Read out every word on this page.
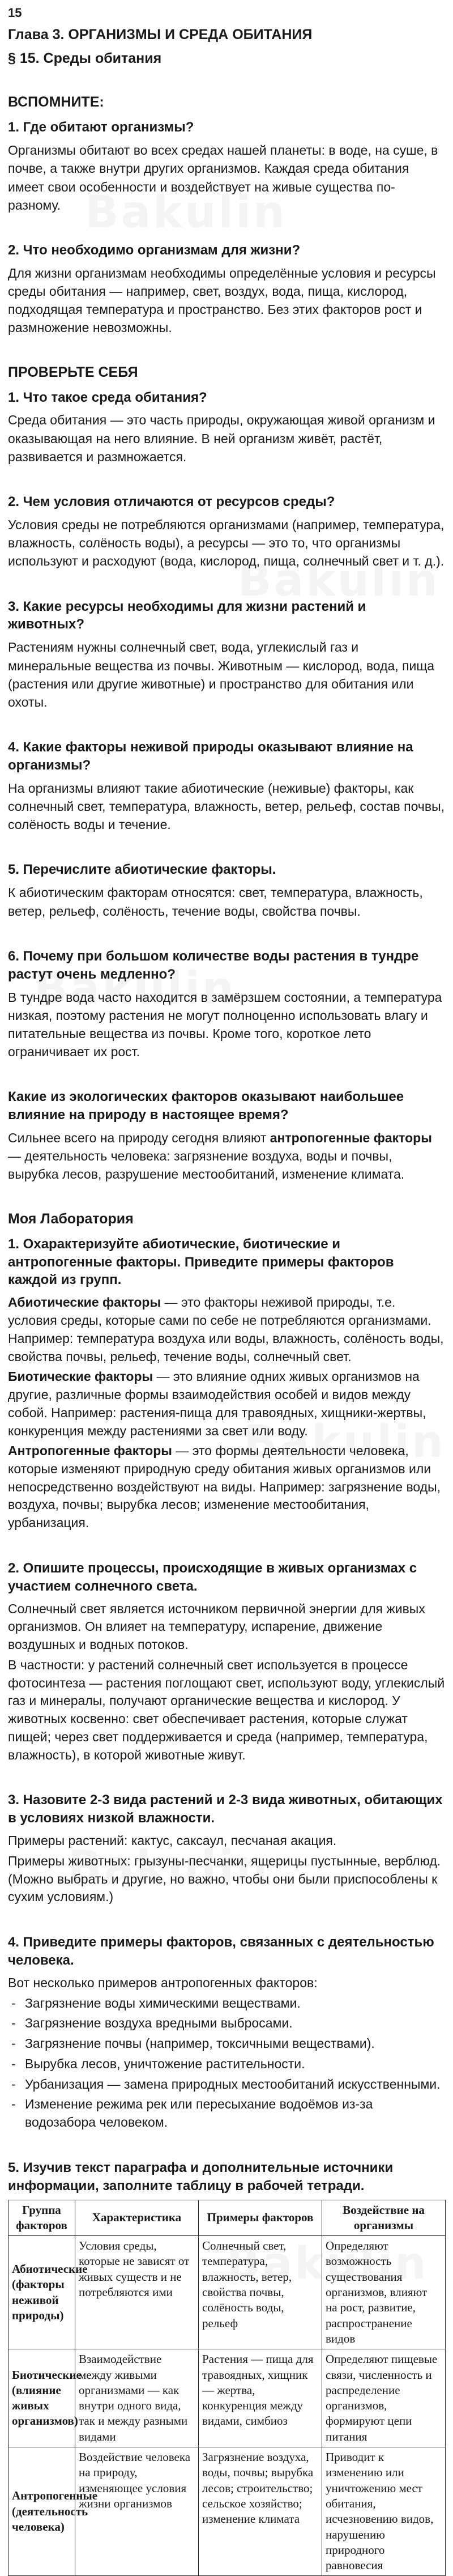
15
Глава 3. ОРГАНИЗМЫ И СРЕДА ОБИТАНИЯ
§ 15. Среды обитания
ВСПОМНИТЕ:
1. Где обитают организмы?
Организмы обитают во всех средах нашей планеты: в воде, на суше, в почве, а также внутри других организмов. Каждая среда обитания имеет свои особенности и воздействует на живые существа по-разному.
2. Что необходимо организмам для жизни?
Для жизни организмам необходимы определённые условия и ресурсы среды обитания — например, свет, воздух, вода, пища, кислород, подходящая температура и пространство. Без этих факторов рост и размножение невозможны.
ПРОВЕРЬТЕ СЕБЯ
1. Что такое среда обитания?
Среда обитания — это часть природы, окружающая живой организм и оказывающая на него влияние. В ней организм живёт, растёт, развивается и размножается.
2. Чем условия отличаются от ресурсов среды?
Условия среды не потребляются организмами (например, температура, влажность, солёность воды), а ресурсы — это то, что организмы используют и расходуют (вода, кислород, пища, солнечный свет и т. д.).
3. Какие ресурсы необходимы для жизни растений и животных?
Растениям нужны солнечный свет, вода, углекислый газ и минеральные вещества из почвы. Животным — кислород, вода, пища (растения или другие животные) и пространство для обитания или охоты.
4. Какие факторы неживой природы оказывают влияние на организмы?
На организмы влияют такие абиотические (неживые) факторы, как солнечный свет, температура, влажность, ветер, рельеф, состав почвы, солёность воды и течение.
5. Перечислите абиотические факторы.
К абиотическим факторам относятся: свет, температура, влажность, ветер, рельеф, солёность, течение воды, свойства почвы.
6. Почему при большом количестве воды растения в тундре растут очень медленно?
В тундре вода часто находится в замёрзшем состоянии, а температура низкая, поэтому растения не могут полноценно использовать влагу и питательные вещества из почвы. Кроме того, короткое лето ограничивает их рост.
Какие из экологических факторов оказывают наибольшее влияние на природу в настоящее время?
Сильнее всего на природу сегодня влияют антропогенные факторы — деятельность человека: загрязнение воздуха, воды и почвы, вырубка лесов, разрушение местообитаний, изменение климата.
Моя Лаборатория
1. Охарактеризуйте абиотические, биотические и антропогенные факторы. Приведите примеры факторов каждой из групп.

Абиотические факторы — это факторы неживой природы, т.е. условия среды, которые сами по себе не потребляются организмами. Например: температура воздуха или воды, влажность, солёность воды, свойства почвы, рельеф, течение воды, солнечный свет.

Биотические факторы — это влияние одних живых организмов на другие, различные формы взаимодействия особей и видов между собой. Например: растения-пища для травоядных, хищники-жертвы, конкуренция между растениями за свет или воду.

Антропогенные факторы — это формы деятельности человека, которые изменяют природную среду обитания живых организмов или непосредственно воздействуют на виды. Например: загрязнение воды, воздуха, почвы; вырубка лесов; изменение местообитания, урбанизация.

2. Опишите процессы, происходящие в живых организмах с участием солнечного света.

Солнечный свет является источником первичной энергии для живых организмов. Он влияет на температуру, испарение, движение воздушных и водных потоков.

В частности: у растений солнечный свет используется в процессе фотосинтеза — растения поглощают свет, используют воду, углекислый газ и минералы, получают органические вещества и кислород. У животных косвенно: свет обеспечивает растения, которые служат пищей; через свет поддерживается и среда (например, температура, влажность), в которой животные живут.

3. Назовите 2-3 вида растений и 2-3 вида животных, обитающих в условиях низкой влажности.

Примеры растений: кактус, саксаул, песчаная акация.

Примеры животных: грызуны-песчанки, ящерицы пустынные, верблюд. (Можно выбрать и другие, но важно, чтобы они были приспособлены к сухим условиям.)

4. Приведите примеры факторов, связанных с деятельностью человека.

Вот несколько примеров антропогенных факторов:

- Загрязнение воды химическими веществами.
- Загрязнение воздуха вредными выбросами.
- Загрязнение почвы (например, токсичными веществами).
- Вырубка лесов, уничтожение растительности.
- Урбанизация — замена природных местообитаний искусственными.
- Изменение режима рек или пересыхание водоёмов из-за водозабора человеком.
5. Изучив текст параграфа и дополнительные источники информации, заполните таблицу в рабочей тетради.
Группа факторов	Характеристика	Примеры факторов	Воздействие на организмы
Абиотические (факторы неживой природы)	Условия среды, которые не зависят от живых существ и не потребляются ими	Солнечный свет, температура, влажность, ветер, свойства почвы, солёность воды, рельеф	Определяют возможность существования организмов, влияют на рост, развитие, распространение видов
Биотические (влияние живых организмов)	Взаимодействие между живыми организмами — как внутри одного вида, так и между разными видами	Растения — пища для травоядных, хищник — жертва, конкуренция между видами, симбиоз	Определяют пищевые связи, численность и распределение организмов, формируют цепи питания
Антропогенные (деятельность человека)	Воздействие человека на природу, изменяющее условия жизни организмов	Загрязнение воздуха, воды, почвы; вырубка лесов; строительство; сельское хозяйство; изменение климата	Приводит к изменению или уничтожению мест обитания, исчезновению видов, нарушению природного равновесия
